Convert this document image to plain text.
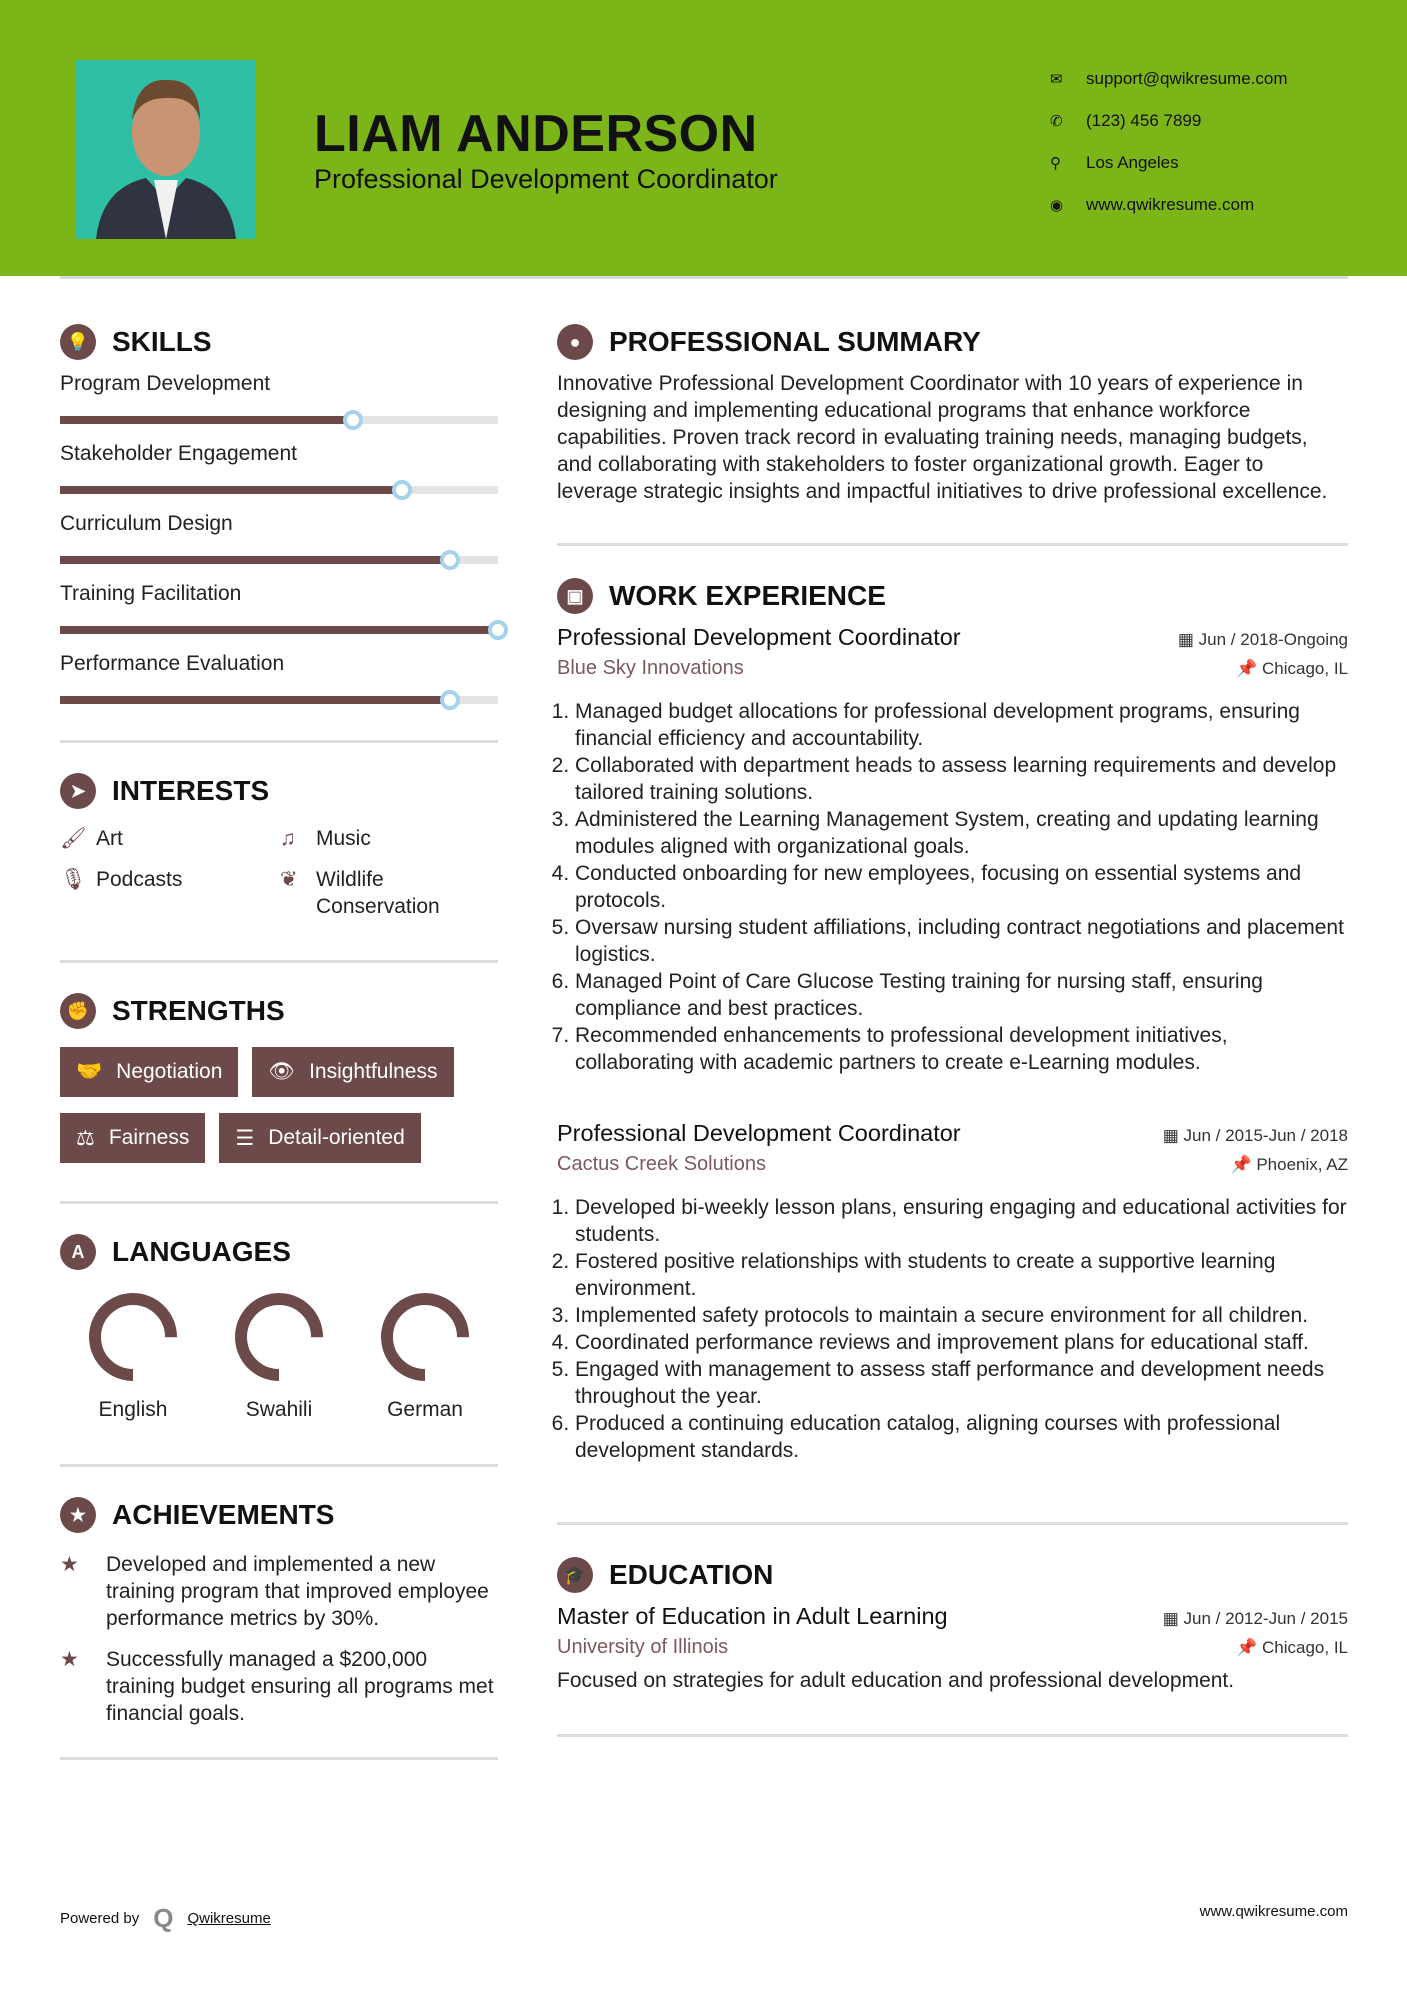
LIAM ANDERSON
Professional Development Coordinator
✉	support@qwikresume.com
✆	(123) 456 7899
⚲	Los Angeles
◉	www.qwikresume.com
💡 SKILLS
Program Development
Stakeholder Engagement
Curriculum Design
Training Facilitation
Performance Evaluation
➤ INTERESTS
🖌 Art	♫ Music
🎙 Podcasts	❦ Wildlife Conservation
✊ STRENGTHS
🤝 Negotiation 👁 Insightfulness
⚖ Fairness ☰ Detail-oriented
A LANGUAGES
English	Swahili	German
★ ACHIEVEMENTS
★	Developed and implemented a new training program that improved employee performance metrics by 30%.
★	Successfully managed a $200,000 training budget ensuring all programs met financial goals.
●	PROFESSIONAL SUMMARY

Innovative Professional Development Coordinator with 10 years of experience in designing and implementing educational programs that enhance workforce capabilities. Proven track record in evaluating training needs, managing budgets, and collaborating with stakeholders to foster organizational growth. Eager to leverage strategic insights and impactful initiatives to drive professional excellence.

▣ WORK EXPERIENCE
Professional Development Coordinator	▦ Jun / 2018-Ongoing
Blue Sky Innovations	📌 Chicago, IL
1. Managed budget allocations for professional development programs, ensuring financial efficiency and accountability.
2. Collaborated with department heads to assess learning requirements and develop tailored training solutions.
3. Administered the Learning Management System, creating and updating learning modules aligned with organizational goals.
4. Conducted onboarding for new employees, focusing on essential systems and protocols.
5. Oversaw nursing student affiliations, including contract negotiations and placement logistics.
6. Managed Point of Care Glucose Testing training for nursing staff, ensuring compliance and best practices.
7. Recommended enhancements to professional development initiatives, collaborating with academic partners to create e-Learning modules.
Professional Development Coordinator	▦ Jun / 2015-Jun / 2018
Cactus Creek Solutions	📌 Phoenix, AZ
1. Developed bi-weekly lesson plans, ensuring engaging and educational activities for students.
2. Fostered positive relationships with students to create a supportive learning environment.
3. Implemented safety protocols to maintain a secure environment for all children.
4. Coordinated performance reviews and improvement plans for educational staff.
5. Engaged with management to assess staff performance and development needs throughout the year.
6. Produced a continuing education catalog, aligning courses with professional development standards.
🎓 EDUCATION
Master of Education in Adult Learning	▦ Jun / 2012-Jun / 2015
University of Illinois	📌 Chicago, IL

Focused on strategies for adult education and professional development.

Powered by Q Qwikresume	www.qwikresume.com
